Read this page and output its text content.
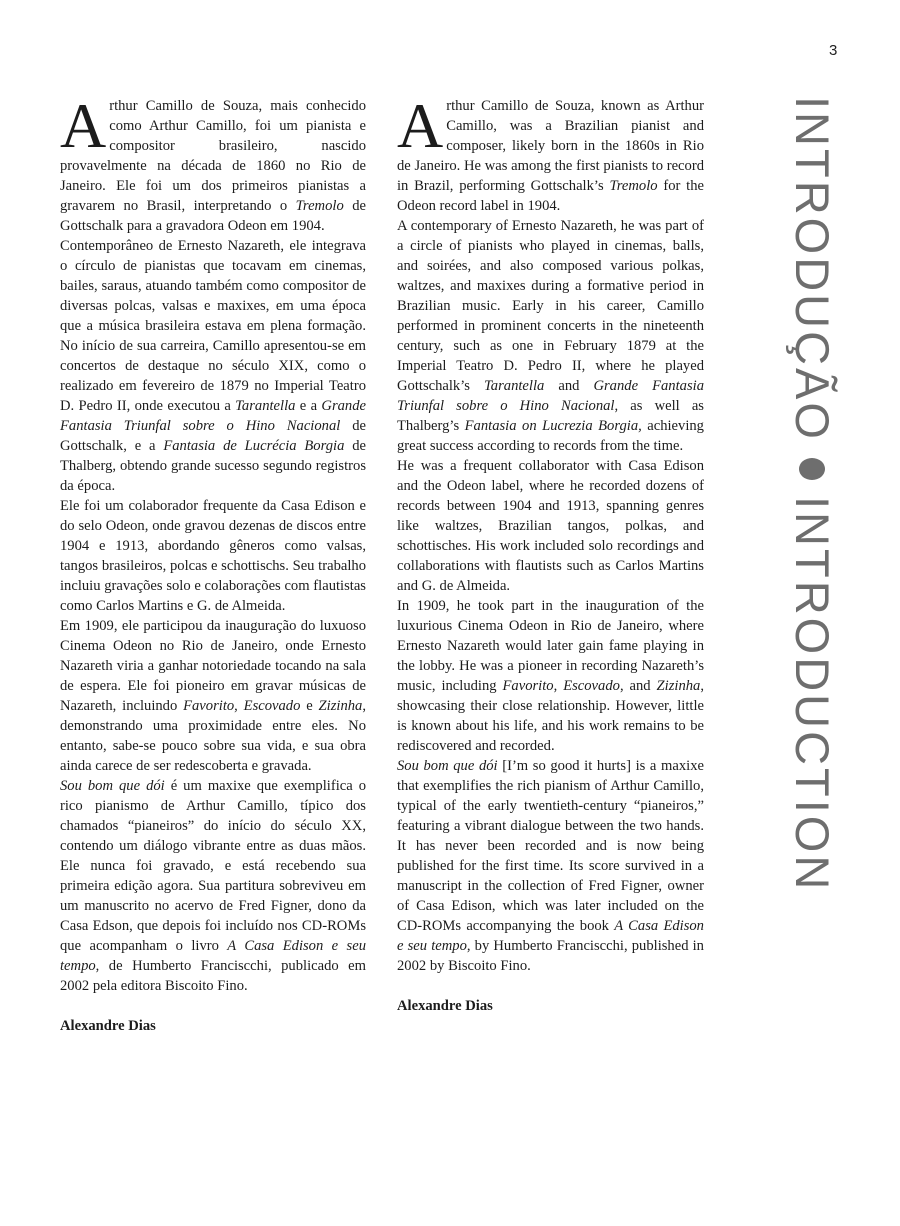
3

Arthur Camillo de Souza, mais conhecido como Arthur Camillo, foi um pianista e compositor brasileiro, nascido provavelmente na década de 1860 no Rio de Janeiro. Ele foi um dos primeiros pianistas a gravarem no Brasil, interpretando o Tremolo de Gottschalk para a gravadora Odeon em 1904.

Contemporâneo de Ernesto Nazareth, ele integrava o círculo de pianistas que tocavam em cinemas, bailes, saraus, atuando também como compositor de diversas polcas, valsas e maxixes, em uma época que a música brasileira estava em plena formação. No início de sua carreira, Camillo apresentou-se em concertos de destaque no século XIX, como o realizado em fevereiro de 1879 no Imperial Teatro D. Pedro II, onde executou a Tarantella e a Grande Fantasia Triunfal sobre o Hino Nacional de Gottschalk, e a Fantasia de Lucrécia Borgia de Thalberg, obtendo grande sucesso segundo registros da época.

Ele foi um colaborador frequente da Casa Edison e do selo Odeon, onde gravou dezenas de discos entre 1904 e 1913, abordando gêneros como valsas, tangos brasileiros, polcas e schottischs. Seu trabalho incluiu gravações solo e colaborações com flautistas como Carlos Martins e G. de Almeida.

Em 1909, ele participou da inauguração do luxuoso Cinema Odeon no Rio de Janeiro, onde Ernesto Nazareth viria a ganhar notoriedade tocando na sala de espera. Ele foi pioneiro em gravar músicas de Nazareth, incluindo Favorito, Escovado e Zizinha, demonstrando uma proximidade entre eles. No entanto, sabe-se pouco sobre sua vida, e sua obra ainda carece de ser redescoberta e gravada.

Sou bom que dói é um maxixe que exemplifica o rico pianismo de Arthur Camillo, típico dos chamados “pianeiros” do início do século XX, contendo um diálogo vibrante entre as duas mãos. Ele nunca foi gravado, e está recebendo sua primeira edição agora. Sua partitura sobreviveu em um manuscrito no acervo de Fred Figner, dono da Casa Edson, que depois foi incluído nos CD-ROMs que acompanham o livro A Casa Edison e seu tempo, de Humberto Franciscchi, publicado em 2002 pela editora Biscoito Fino.

Alexandre Dias

Arthur Camillo de Souza, known as Arthur Camillo, was a Brazilian pianist and composer, likely born in the 1860s in Rio de Janeiro. He was among the first pianists to record in Brazil, performing Gottschalk’s Tremolo for the Odeon record label in 1904.

A contemporary of Ernesto Nazareth, he was part of a circle of pianists who played in cinemas, balls, and soirées, and also composed various polkas, waltzes, and maxixes during a formative period in Brazilian music. Early in his career, Camillo performed in prominent concerts in the nineteenth century, such as one in February 1879 at the Imperial Teatro D. Pedro II, where he played Gottschalk’s Tarantella and Grande Fantasia Triunfal sobre o Hino Nacional, as well as Thalberg’s Fantasia on Lucrezia Borgia, achieving great success according to records from the time.

He was a frequent collaborator with Casa Edison and the Odeon label, where he recorded dozens of records between 1904 and 1913, spanning genres like waltzes, Brazilian tangos, polkas, and schottisches. His work included solo recordings and collaborations with flautists such as Carlos Martins and G. de Almeida.

In 1909, he took part in the inauguration of the luxurious Cinema Odeon in Rio de Janeiro, where Ernesto Nazareth would later gain fame playing in the lobby. He was a pioneer in recording Nazareth’s music, including Favorito, Escovado, and Zizinha, showcasing their close relationship. However, little is known about his life, and his work remains to be rediscovered and recorded.

Sou bom que dói [I’m so good it hurts] is a maxixe that exemplifies the rich pianism of Arthur Camillo, typical of the early twentieth-century “pianeiros,” featuring a vibrant dialogue between the two hands. It has never been recorded and is now being published for the first time. Its score survived in a manuscript in the collection of Fred Figner, owner of Casa Edison, which was later included on the CD-ROMs accompanying the book A Casa Edison e seu tempo, by Humberto Franciscchi, published in 2002 by Biscoito Fino.

Alexandre Dias

INTRODUÇÃO
INTRODUCTION
